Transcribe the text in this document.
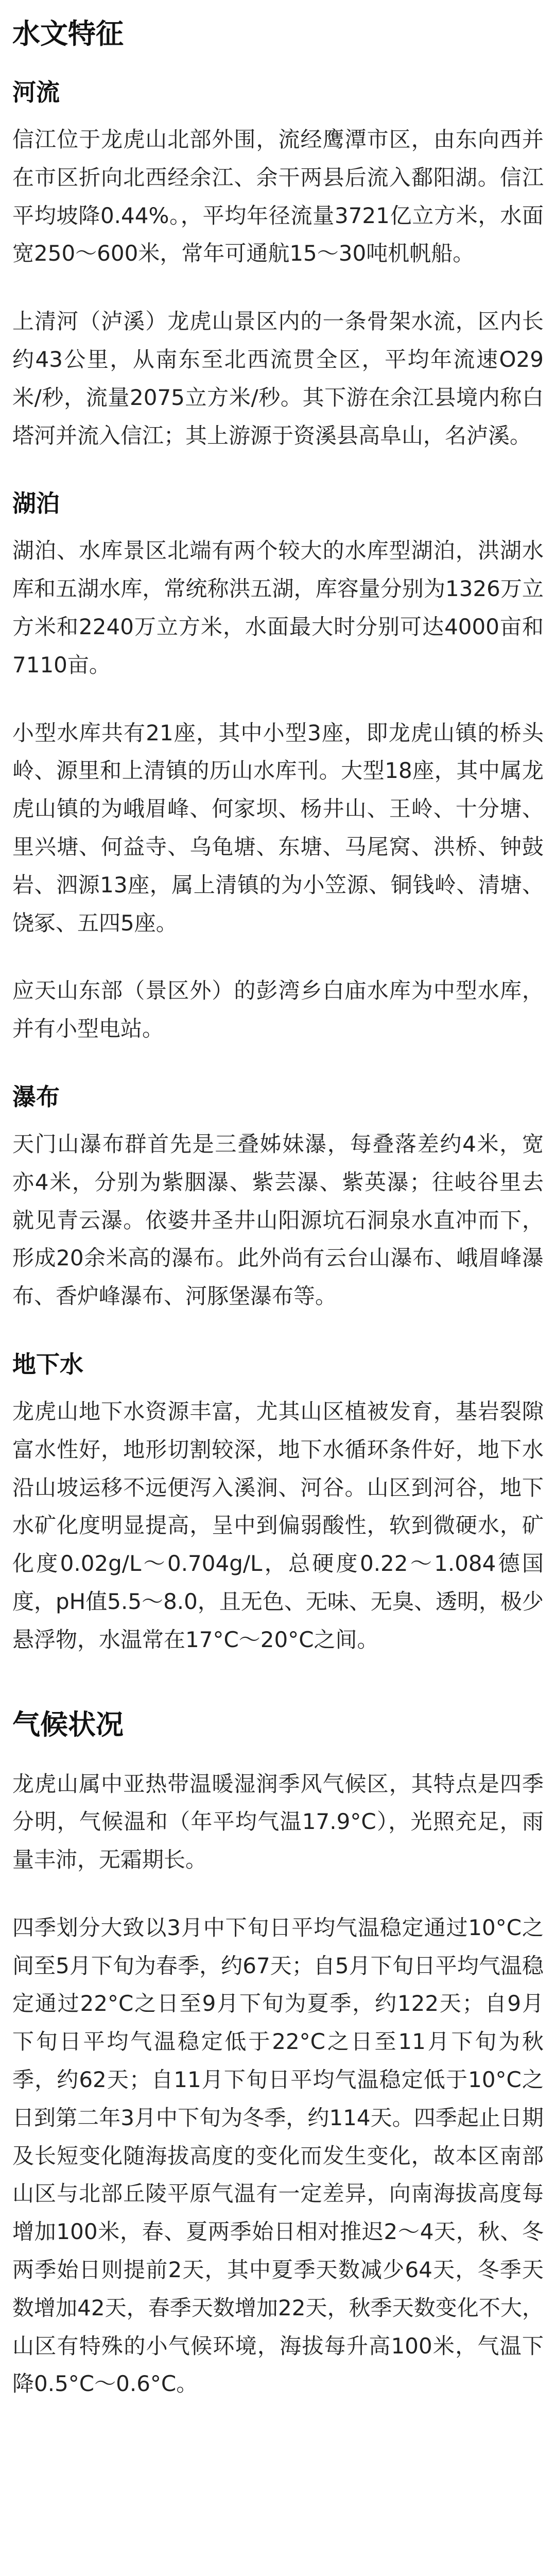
水文特征
河流

信江位于龙虎山北部外围，流经鹰潭市区，由东向西并在市区折向北西经余江、余干两县后流入鄱阳湖。信江平均坡降0.44%。，平均年径流量3721亿立方米，水面宽250～600米，常年可通航15～30吨机帆船。

上清河（泸溪）龙虎山景区内的一条骨架水流，区内长约43公里，从南东至北西流贯全区，平均年流速O29米/秒，流量2075立方米/秒。其下游在余江县境内称白塔河并流入信江；其上游源于资溪县高阜山，名泸溪。

湖泊

湖泊、水库景区北端有两个较大的水库型湖泊，洪湖水库和五湖水库，常统称洪五湖，库容量分别为1326万立方米和2240万立方米，水面最大时分别可达4000亩和7110亩。

小型水库共有21座，其中小型3座，即龙虎山镇的桥头岭、源里和上清镇的历山水库刊。大型18座，其中属龙虎山镇的为峨眉峰、何家坝、杨井山、王岭、十分塘、里兴塘、何益寺、乌龟塘、东塘、马尾窝、洪桥、钟鼓岩、泗源13座，属上清镇的为小笠源、铜钱岭、清塘、饶冢、五四5座。

应天山东部（景区外）的彭湾乡白庙水库为中型水库，并有小型电站。

瀑布

天门山瀑布群首先是三叠姊妹瀑，每叠落差约4米，宽亦4米，分别为紫胭瀑、紫芸瀑、紫英瀑；往岐谷里去就见青云瀑。依婆井圣井山阳源坑石洞泉水直冲而下，形成20余米高的瀑布。此外尚有云台山瀑布、峨眉峰瀑布、香炉峰瀑布、河豚堡瀑布等。

地下水

龙虎山地下水资源丰富，尤其山区植被发育，基岩裂隙富水性好，地形切割较深，地下水循环条件好，地下水沿山坡运移不远便泻入溪涧、河谷。山区到河谷，地下水矿化度明显提高，呈中到偏弱酸性，软到微硬水，矿化度0.02g/L～0.704g/L，总硬度0.22～1.084德国度，pH值5.5～8.0，且无色、无味、无臭、透明，极少悬浮物，水温常在17°C～20°C之间。

气候状况

龙虎山属中亚热带温暖湿润季风气候区，其特点是四季分明，气候温和（年平均气温17.9°C），光照充足，雨量丰沛，无霜期长。

四季划分大致以3月中下旬日平均气温稳定通过10°C之间至5月下旬为春季，约67天；自5月下旬日平均气温稳定通过22°C之日至9月下旬为夏季，约122天；自9月下旬日平均气温稳定低于22°C之日至11月下旬为秋季，约62天；自11月下旬日平均气温稳定低于10°C之日到第二年3月中下旬为冬季，约114天。四季起止日期及长短变化随海拔高度的变化而发生变化，故本区南部山区与北部丘陵平原气温有一定差异，向南海拔高度每增加100米，春、夏两季始日相对推迟2～4天，秋、冬两季始日则提前2天，其中夏季天数减少64天，冬季天数增加42天，春季天数增加22天，秋季天数变化不大，山区有特殊的小气候环境，海拔每升高100米，气温下降0.5°C～0.6°C。
